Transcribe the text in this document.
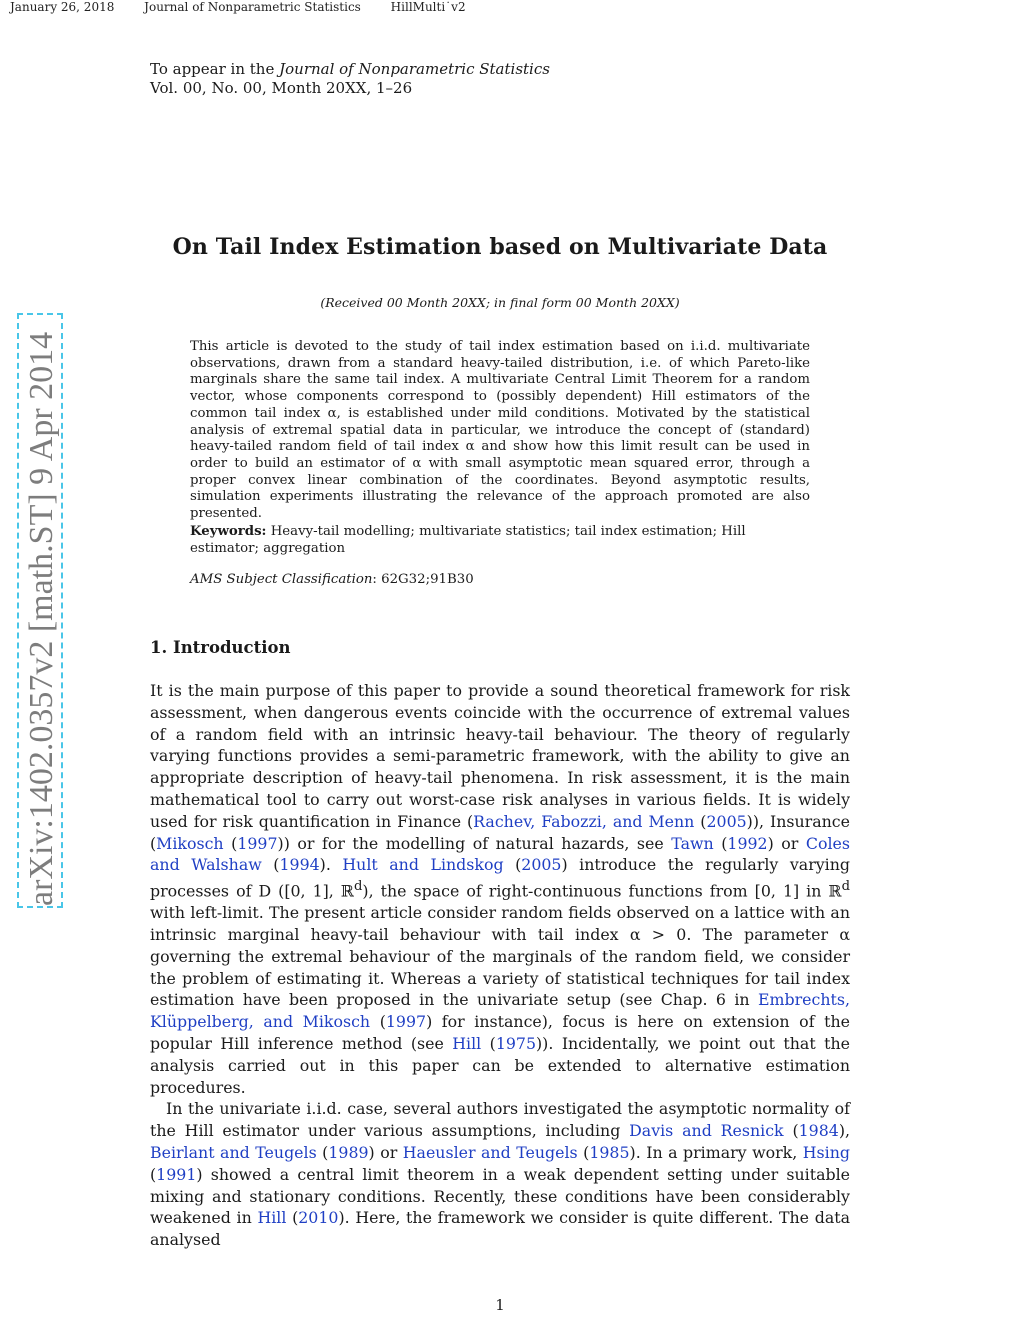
January 26, 2018 Journal of Nonparametric Statistics HillMulti˙v2
arXiv:1402.0357v2 [math.ST] 9 Apr 2014
To appear in the Journal of Nonparametric Statistics
Vol. 00, No. 00, Month 20XX, 1–26
On Tail Index Estimation based on Multivariate Data
(Received 00 Month 20XX; in final form 00 Month 20XX)
This article is devoted to the study of tail index estimation based on i.i.d. multivariate observations, drawn from a standard heavy-tailed distribution, i.e. of which Pareto-like marginals share the same tail index. A multivariate Central Limit Theorem for a random vector, whose components correspond to (possibly dependent) Hill estimators of the common tail index α, is established under mild conditions. Motivated by the statistical analysis of extremal spatial data in particular, we introduce the concept of (standard) heavy-tailed random field of tail index α and show how this limit result can be used in order to build an estimator of α with small asymptotic mean squared error, through a proper convex linear combination of the coordinates. Beyond asymptotic results, simulation experiments illustrating the relevance of the approach promoted are also presented.
Keywords: Heavy-tail modelling; multivariate statistics; tail index estimation; Hill estimator; aggregation
AMS Subject Classification: 62G32;91B30
1. Introduction

It is the main purpose of this paper to provide a sound theoretical framework for risk assessment, when dangerous events coincide with the occurrence of extremal values of a random field with an intrinsic heavy-tail behaviour. The theory of regularly varying functions provides a semi-parametric framework, with the ability to give an appropriate description of heavy-tail phenomena. In risk assessment, it is the main mathematical tool to carry out worst-case risk analyses in various fields. It is widely used for risk quantification in Finance (Rachev, Fabozzi, and Menn (2005)), Insurance (Mikosch (1997)) or for the modelling of natural hazards, see Tawn (1992) or Coles and Walshaw (1994). Hult and Lindskog (2005) introduce the regularly varying processes of D ([0, 1], ℝ$^d$), the space of right-continuous functions from [0, 1] in ℝ$^d$ with left-limit. The present article consider random fields observed on a lattice with an intrinsic marginal heavy-tail behaviour with tail index α > 0. The parameter α governing the extremal behaviour of the marginals of the random field, we consider the problem of estimating it. Whereas a variety of statistical techniques for tail index estimation have been proposed in the univariate setup (see Chap. 6 in Embrechts, Klüppelberg, and Mikosch (1997) for instance), focus is here on extension of the popular Hill inference method (see Hill (1975)). Incidentally, we point out that the analysis carried out in this paper can be extended to alternative estimation procedures.

In the univariate i.i.d. case, several authors investigated the asymptotic normality of the Hill estimator under various assumptions, including Davis and Resnick (1984), Beirlant and Teugels (1989) or Haeusler and Teugels (1985). In a primary work, Hsing (1991) showed a central limit theorem in a weak dependent setting under suitable mixing and stationary conditions. Recently, these conditions have been considerably weakened in Hill (2010). Here, the framework we consider is quite different. The data analysed

1
